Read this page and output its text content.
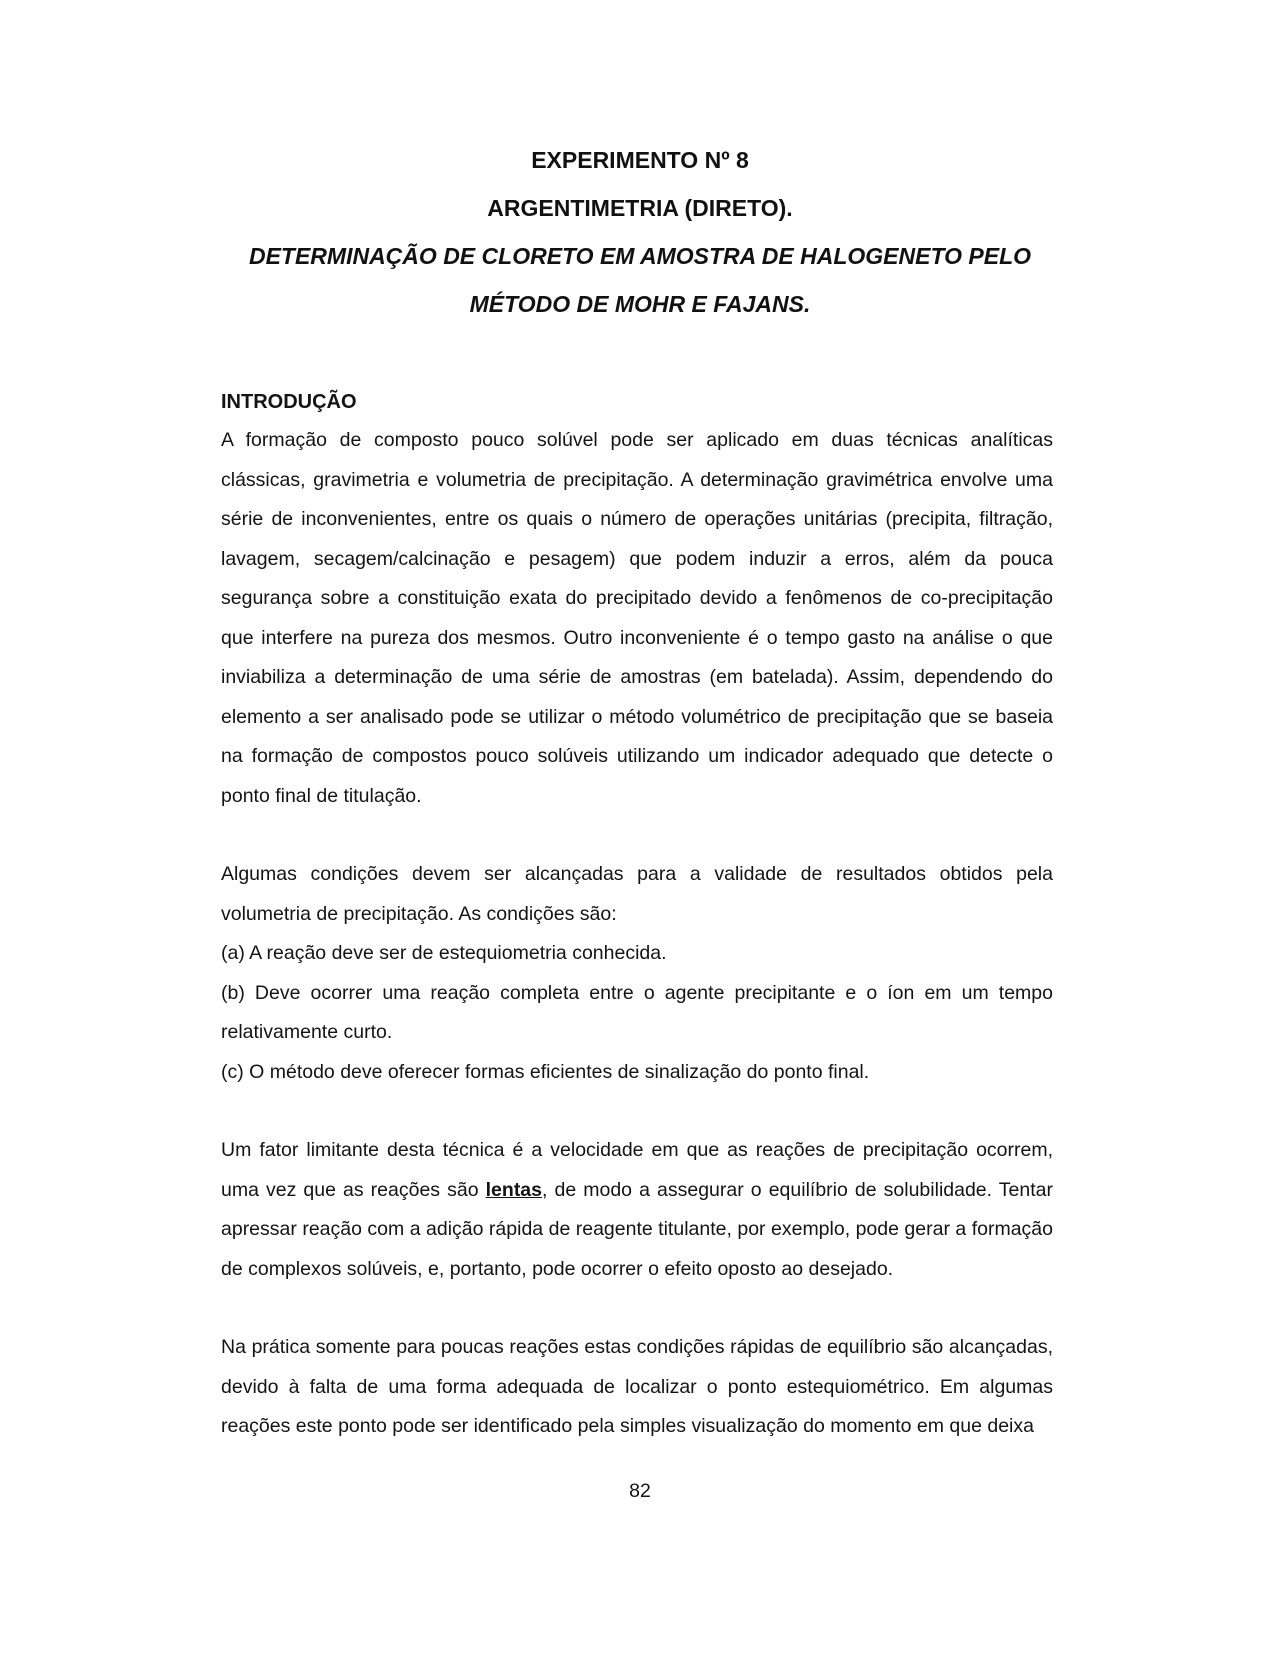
EXPERIMENTO Nº 8
ARGENTIMETRIA (DIRETO).
DETERMINAÇÃO DE CLORETO EM AMOSTRA DE HALOGENETO PELO
MÉTODO DE MOHR E FAJANS.
INTRODUÇÃO

A formação de composto pouco solúvel pode ser aplicado em duas técnicas analíticas clássicas, gravimetria e volumetria de precipitação. A determinação gravimétrica envolve uma série de inconvenientes, entre os quais o número de operações unitárias (precipita, filtração, lavagem, secagem/calcinação e pesagem) que podem induzir a erros, além da pouca segurança sobre a constituição exata do precipitado devido a fenômenos de co-precipitação que interfere na pureza dos mesmos. Outro inconveniente é o tempo gasto na análise o que inviabiliza a determinação de uma série de amostras (em batelada). Assim, dependendo do elemento a ser analisado pode se utilizar o método volumétrico de precipitação que se baseia na formação de compostos pouco solúveis utilizando um indicador adequado que detecte o ponto final de titulação.

Algumas condições devem ser alcançadas para a validade de resultados obtidos pela volumetria de precipitação. As condições são:

(a) A reação deve ser de estequiometria conhecida.

(b) Deve ocorrer uma reação completa entre o agente precipitante e o íon em um tempo relativamente curto.

(c) O método deve oferecer formas eficientes de sinalização do ponto final.

Um fator limitante desta técnica é a velocidade em que as reações de precipitação ocorrem, uma vez que as reações são lentas, de modo a assegurar o equilíbrio de solubilidade. Tentar apressar reação com a adição rápida de reagente titulante, por exemplo, pode gerar a formação de complexos solúveis, e, portanto, pode ocorrer o efeito oposto ao desejado.

Na prática somente para poucas reações estas condições rápidas de equilíbrio são alcançadas, devido à falta de uma forma adequada de localizar o ponto estequiométrico. Em algumas reações este ponto pode ser identificado pela simples visualização do momento em que deixa

82
